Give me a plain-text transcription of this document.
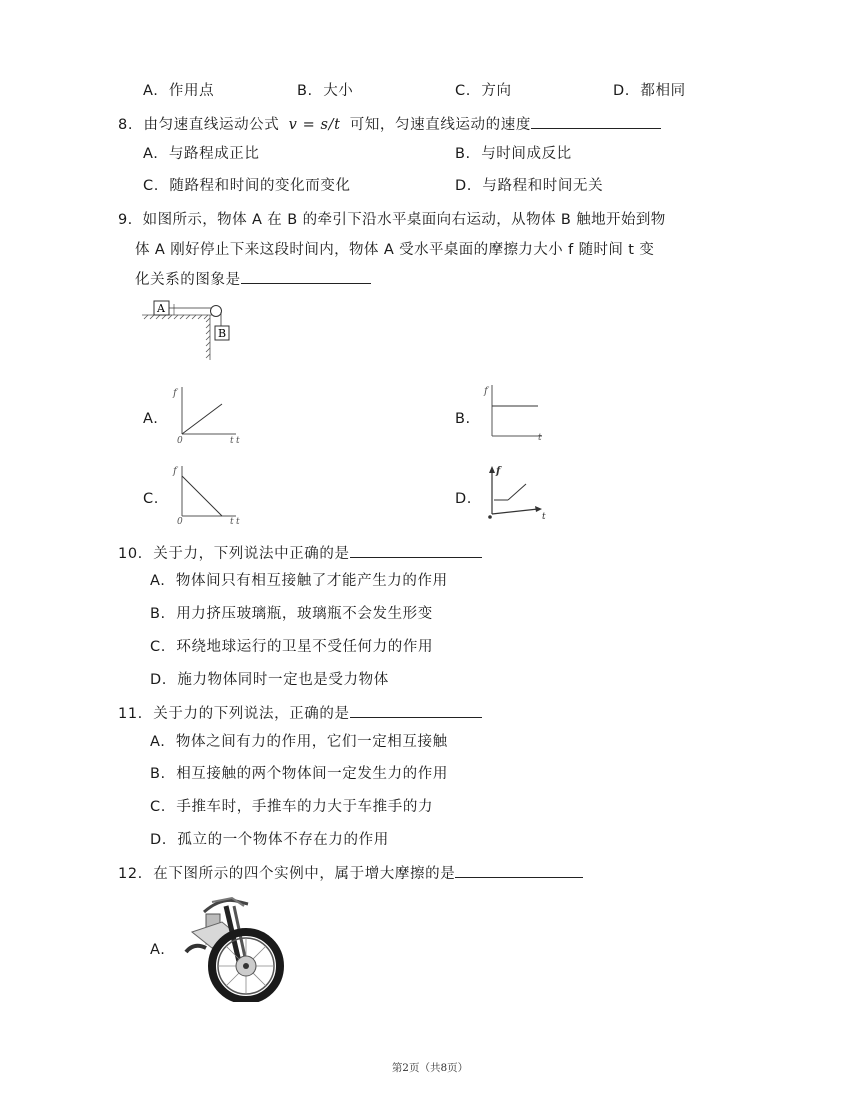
A. 作用点	B. 大小	C. 方向	D. 都相同
8. 由匀速直线运动公式 v = s/t 可知，匀速直线运动的速度
A. 与路程成正比	B. 与时间成反比
C. 随路程和时间的变化而变化	D. 与路程和时间无关
9. 如图所示，物体 A 在 B 的牵引下沿水平桌面向右运动，从物体 B 触地开始到物
体 A 刚好停止下来这段时间内，物体 A 受水平桌面的摩擦力大小 f 随时间 t 变
化关系的图象是
A
B
A.
f
0	t t
B.
f
t
C.
f
0	t t
D.
f
t
10. 关于力，下列说法中正确的是
A. 物体间只有相互接触了才能产生力的作用
B. 用力挤压玻璃瓶，玻璃瓶不会发生形变
C. 环绕地球运行的卫星不受任何力的作用
D. 施力物体同时一定也是受力物体
11. 关于力的下列说法，正确的是
A. 物体之间有力的作用，它们一定相互接触
B. 相互接触的两个物体间一定发生力的作用
C. 手推车时，手推车的力大于车推手的力
D. 孤立的一个物体不存在力的作用
12. 在下图所示的四个实例中，属于增大摩擦的是
A.
第2页（共8页）
